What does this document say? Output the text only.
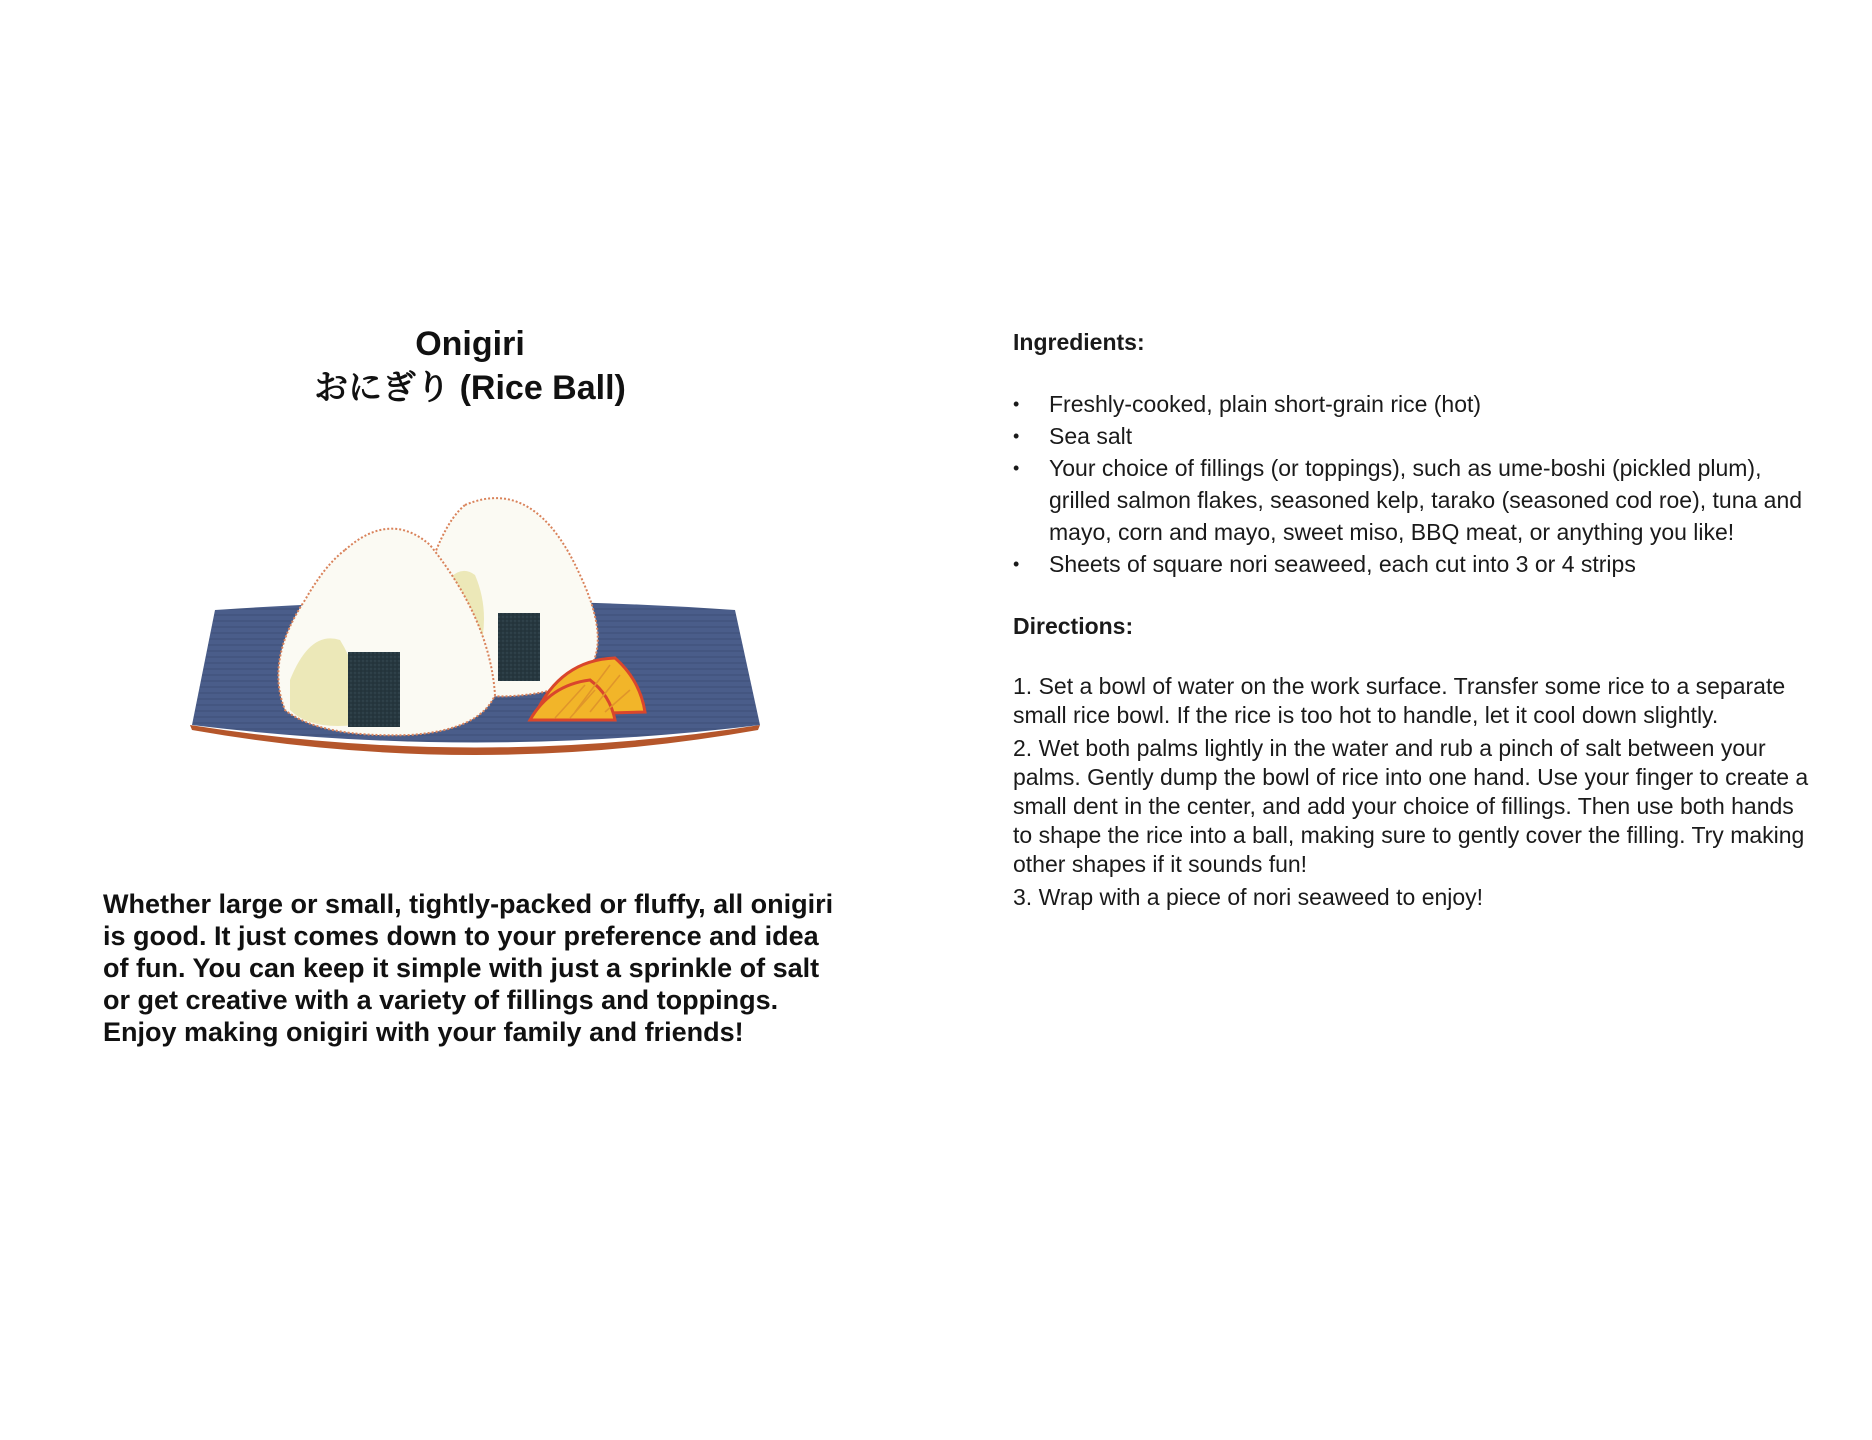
Onigiri
おにぎり (Rice Ball)
Whether large or small, tightly-packed or fluffy, all onigiri is good. It just comes down to your preference and idea of fun. You can keep it simple with just a sprinkle of salt or get creative with a variety of fillings and toppings. Enjoy making onigiri with your family and friends!
Ingredients:
• Freshly-cooked, plain short-grain rice (hot)
• Sea salt
• Your choice of fillings (or toppings), such as ume-boshi (pickled plum), grilled salmon flakes, seasoned kelp, tarako (seasoned cod roe), tuna and mayo, corn and mayo, sweet miso, BBQ meat, or anything you like!
• Sheets of square nori seaweed, each cut into 3 or 4 strips
Directions:

1. Set a bowl of water on the work surface. Transfer some rice to a separate small rice bowl. If the rice is too hot to handle, let it cool down slightly.

2. Wet both palms lightly in the water and rub a pinch of salt between your palms. Gently dump the bowl of rice into one hand. Use your finger to create a small dent in the center, and add your choice of fillings. Then use both hands to shape the rice into a ball, making sure to gently cover the filling. Try making other shapes if it sounds fun!

3. Wrap with a piece of nori seaweed to enjoy!
